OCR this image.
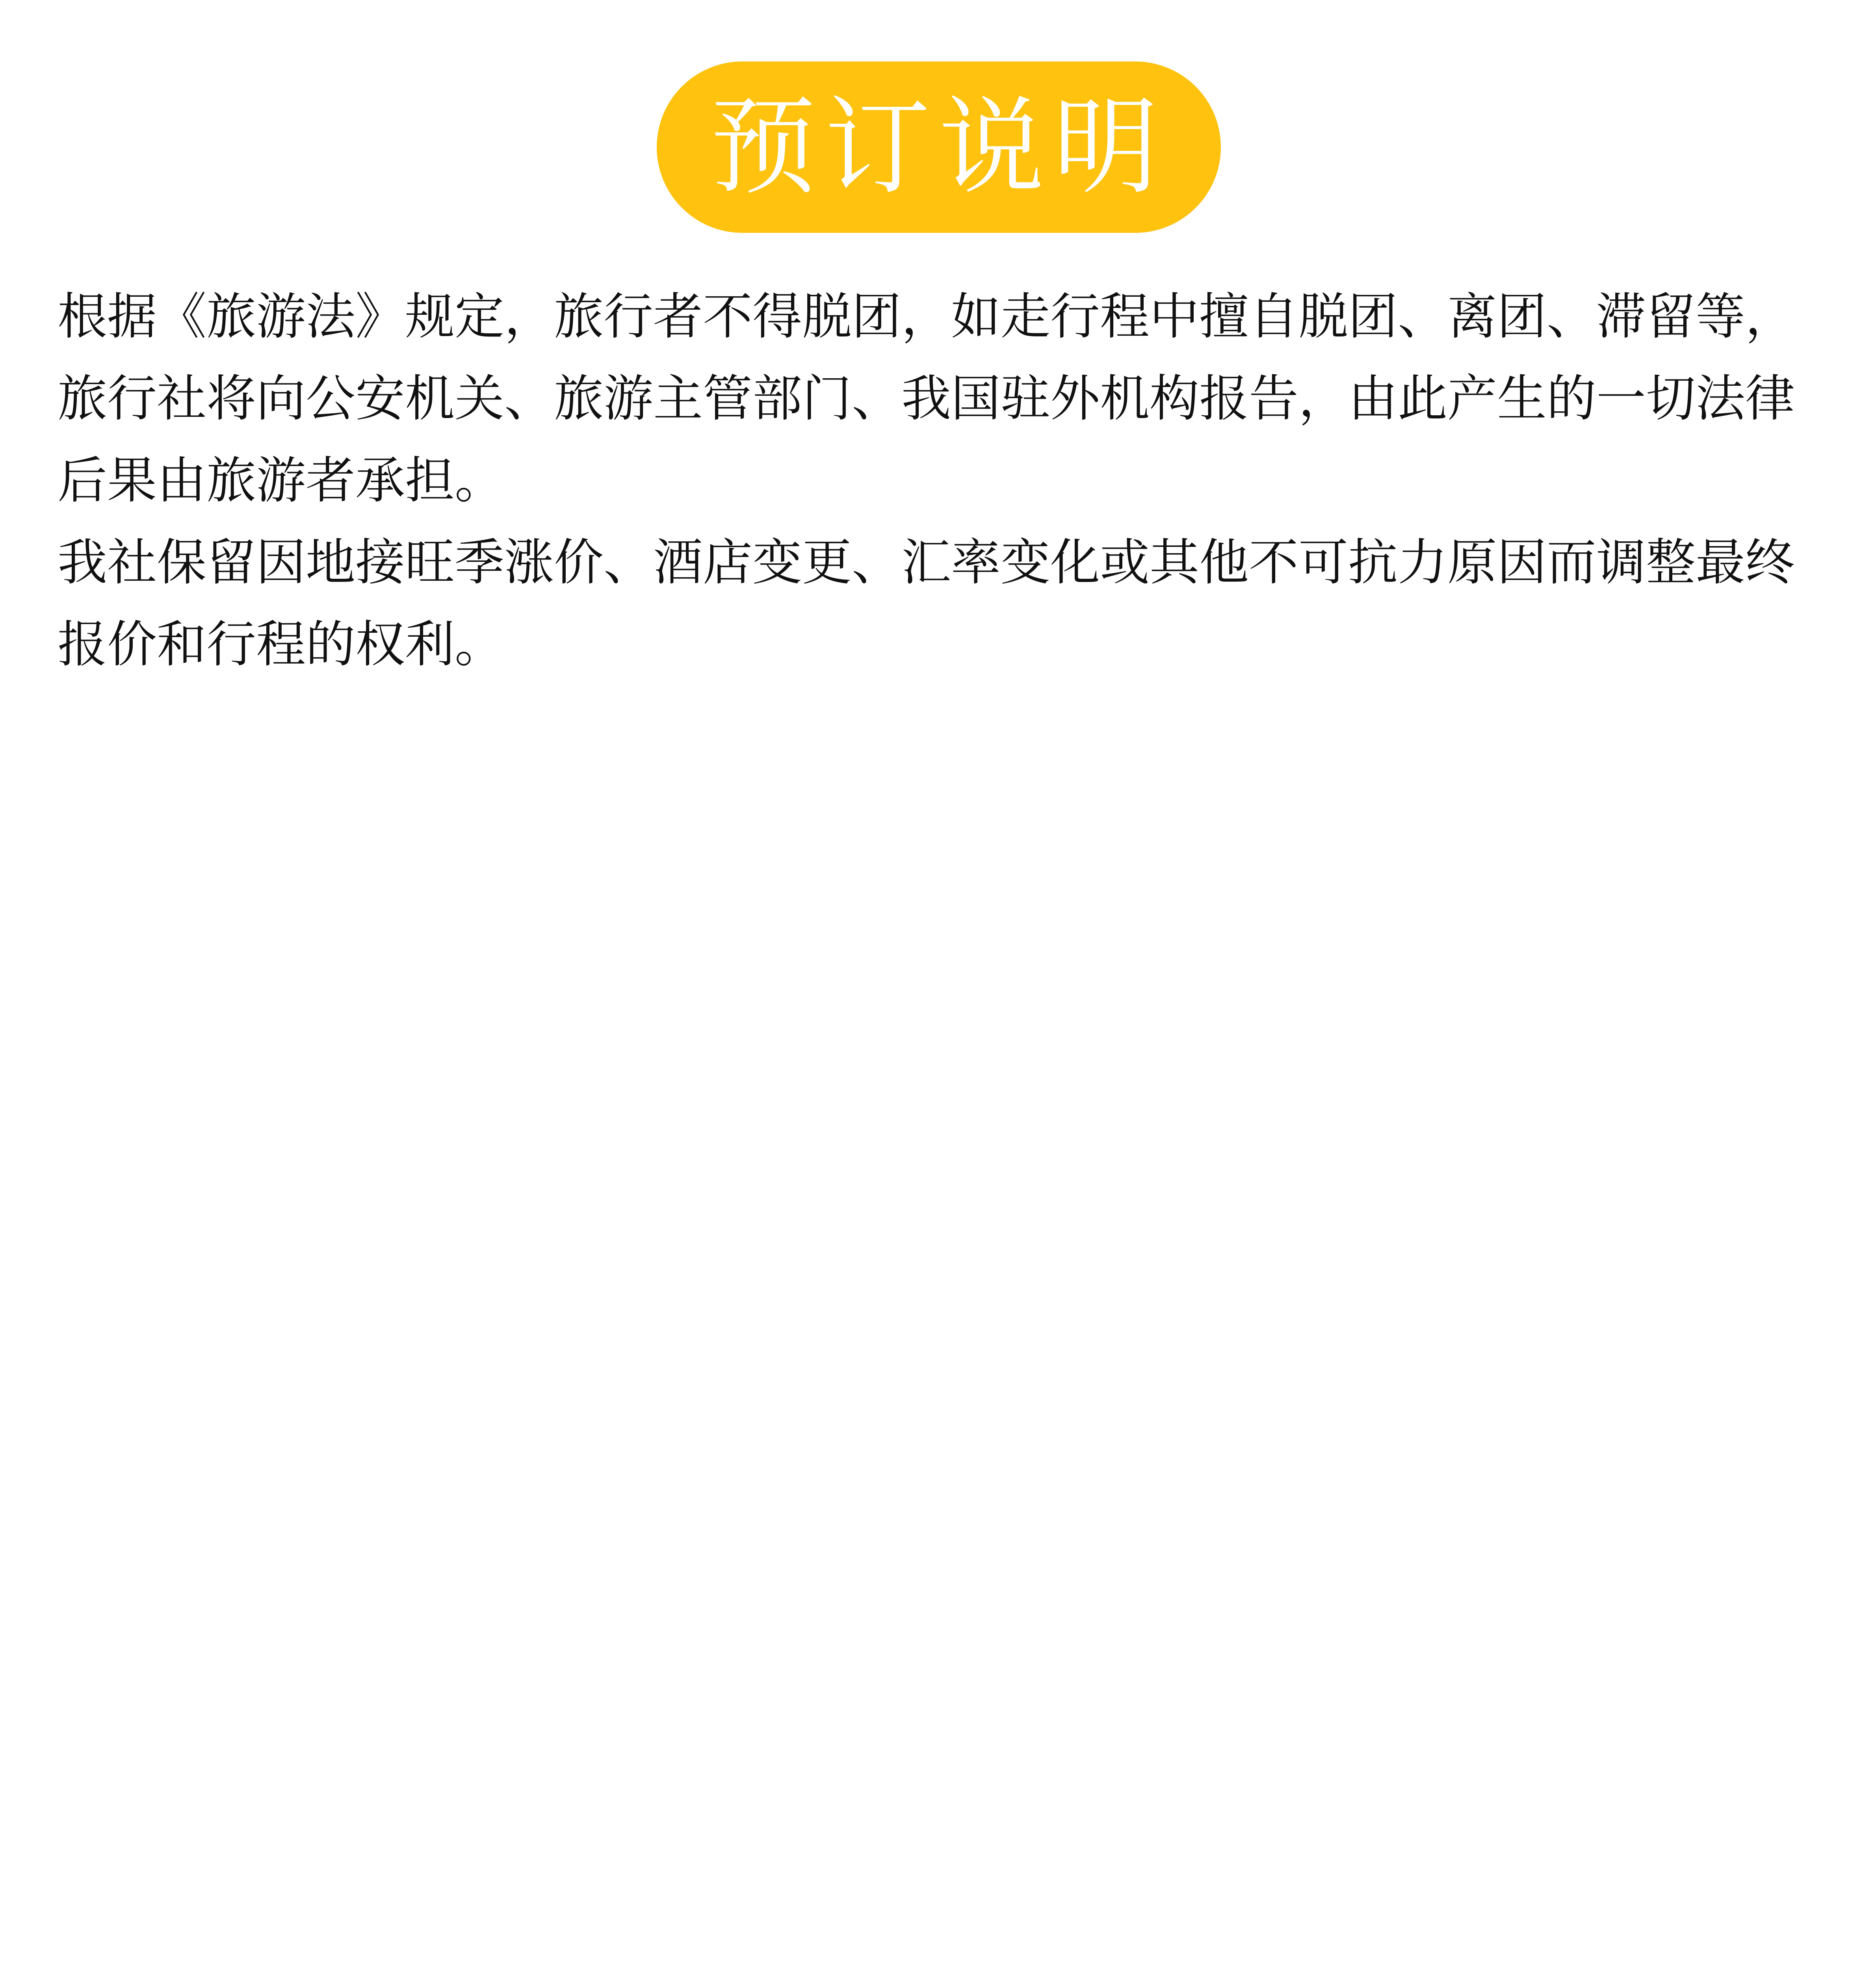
预订说明

根据《旅游法》规定，旅行者不得脱团，如走行程中擅自脱团、离团、滞留等，旅行社将向公安机关、旅游主管部门、我国驻外机构报告，由此产生的一切法律后果由旅游者承担。

我社保留因地接旺季涨价、酒店变更、汇率变化或其他不可抗力原因而调整最终报价和行程的权利。
